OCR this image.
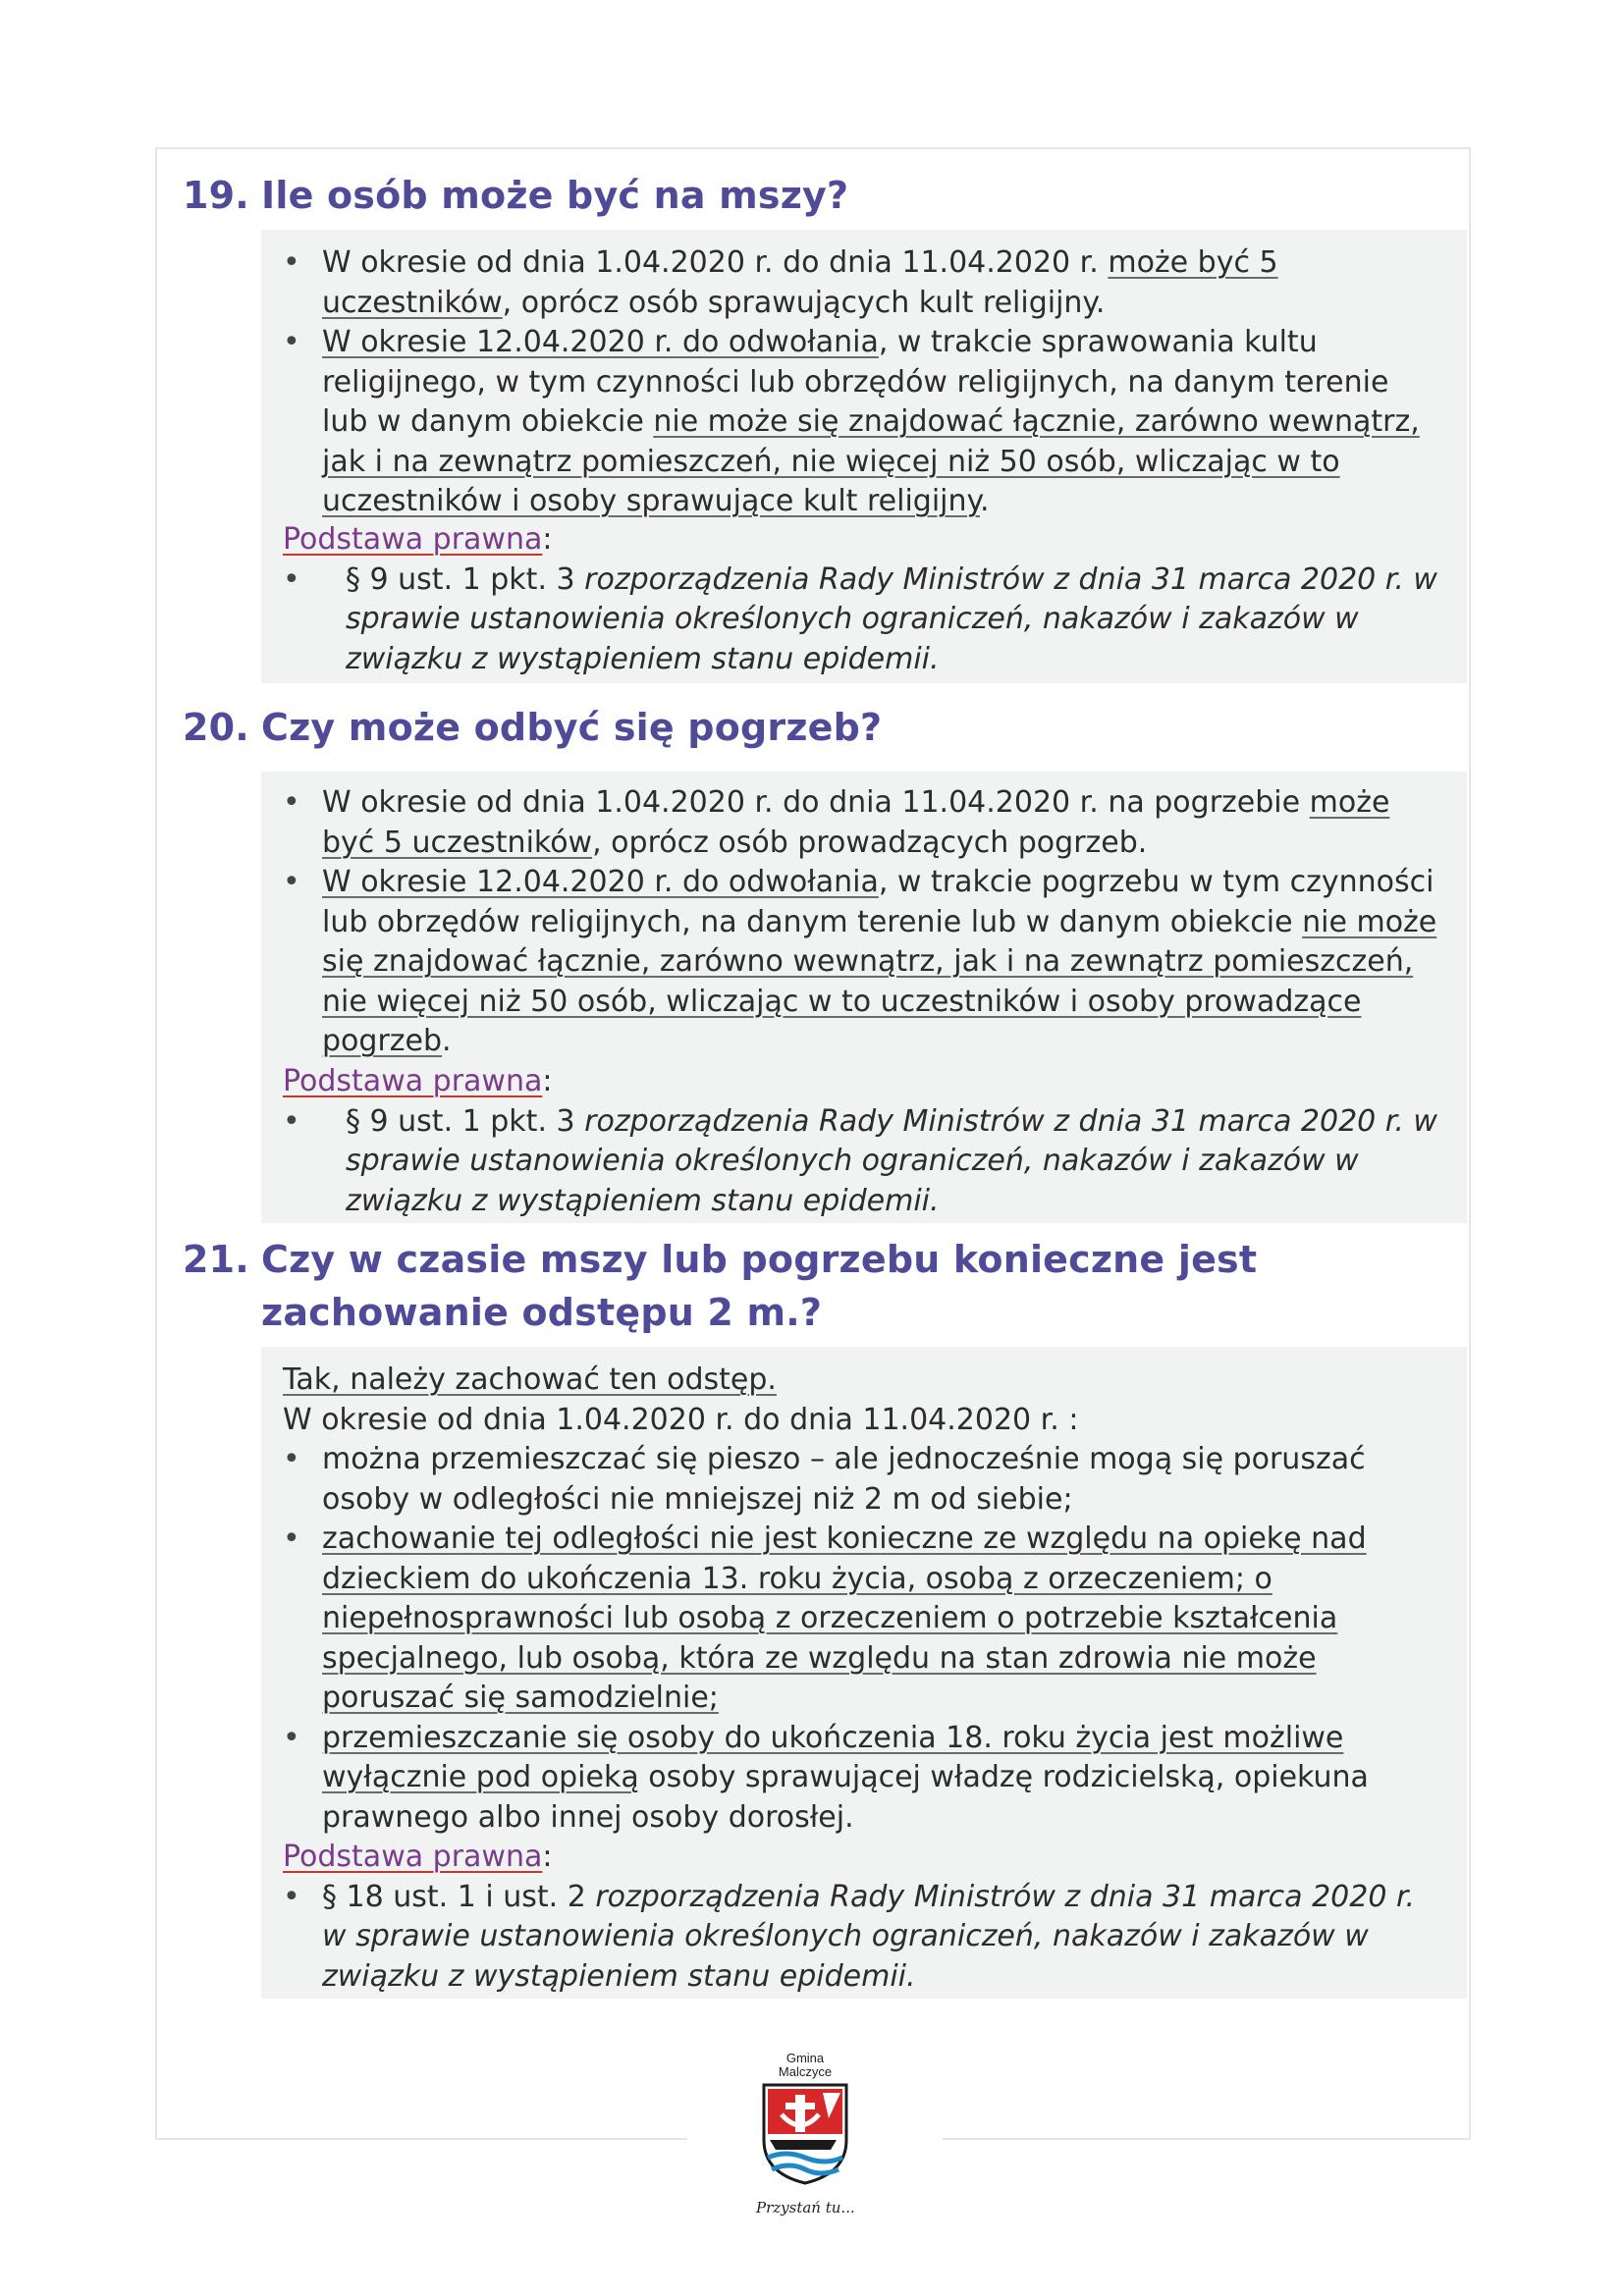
19. Ile osób może być na mszy?
• W okresie od dnia 1.04.2020 r. do dnia 11.04.2020 r. może być 5 uczestników, oprócz osób sprawujących kult religijny.
• W okresie 12.04.2020 r. do odwołania, w trakcie sprawowania kultu religijnego, w tym czynności lub obrzędów religijnych, na danym terenie lub w danym obiekcie nie może się znajdować łącznie, zarówno wewnątrz, jak i na zewnątrz pomieszczeń, nie więcej niż 50 osób, wliczając w to uczestników i osoby sprawujące kult religijny.
Podstawa prawna:
• § 9 ust. 1 pkt. 3 rozporządzenia Rady Ministrów z dnia 31 marca 2020 r. w sprawie ustanowienia określonych ograniczeń, nakazów i zakazów w związku z wystąpieniem stanu epidemii.
20. Czy może odbyć się pogrzeb?
• W okresie od dnia 1.04.2020 r. do dnia 11.04.2020 r. na pogrzebie może być 5 uczestników, oprócz osób prowadzących pogrzeb.
• W okresie 12.04.2020 r. do odwołania, w trakcie pogrzebu w tym czynności lub obrzędów religijnych, na danym terenie lub w danym obiekcie nie może się znajdować łącznie, zarówno wewnątrz, jak i na zewnątrz pomieszczeń, nie więcej niż 50 osób, wliczając w to uczestników i osoby prowadzące pogrzeb.
Podstawa prawna:
• § 9 ust. 1 pkt. 3 rozporządzenia Rady Ministrów z dnia 31 marca 2020 r. w sprawie ustanowienia określonych ograniczeń, nakazów i zakazów w związku z wystąpieniem stanu epidemii.
21. Czy w czasie mszy lub pogrzebu konieczne jest
zachowanie odstępu 2 m.?
Tak, należy zachować ten odstęp.
W okresie od dnia 1.04.2020 r. do dnia 11.04.2020 r. :
• można przemieszczać się pieszo – ale jednocześnie mogą się poruszać osoby w odległości nie mniejszej niż 2 m od siebie;
• zachowanie tej odległości nie jest konieczne ze względu na opiekę nad dzieckiem do ukończenia 13. roku życia, osobą z orzeczeniem; o niepełnosprawności lub osobą z orzeczeniem o potrzebie kształcenia specjalnego, lub osobą, która ze względu na stan zdrowia nie może poruszać się samodzielnie;
• przemieszczanie się osoby do ukończenia 18. roku życia jest możliwe wyłącznie pod opieką osoby sprawującej władzę rodzicielską, opiekuna prawnego albo innej osoby dorosłej.
Podstawa prawna:
• § 18 ust. 1 i ust. 2 rozporządzenia Rady Ministrów z dnia 31 marca 2020 r. w sprawie ustanowienia określonych ograniczeń, nakazów i zakazów w związku z wystąpieniem stanu epidemii.
Gmina
Malczyce
Przystań tu...
